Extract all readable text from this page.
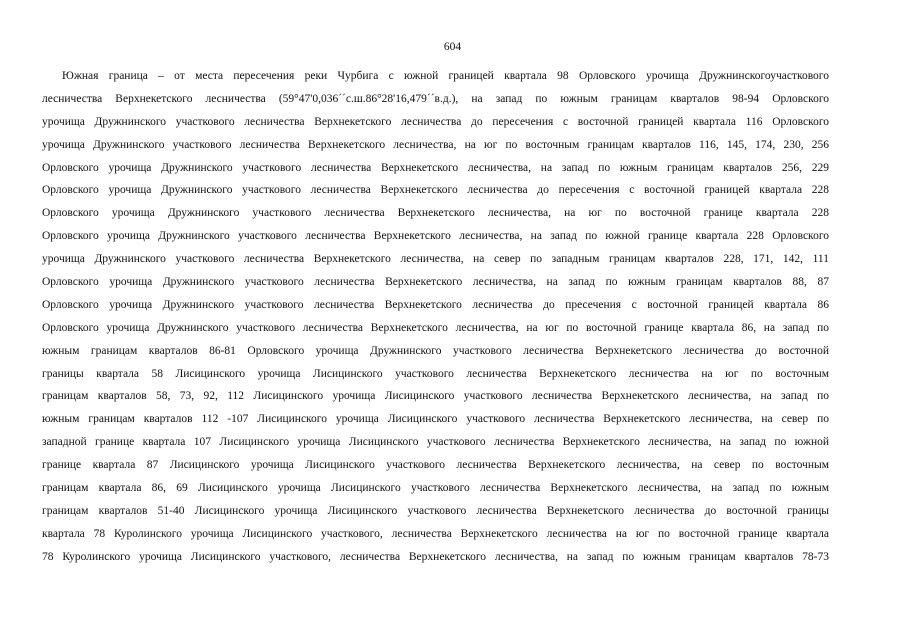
604
Южная граница – от места пересечения реки Чурбига с южной границей квартала 98 Орловского урочища Дружнинскогоучасткового
лесничества Верхнекетского лесничества (59°47'0,036´´с.ш.86°28'16,479´´в.д.), на запад по южным границам кварталов 98-94 Орловского
урочища Дружнинского участкового лесничества Верхнекетского лесничества до пересечения с восточной границей квартала 116 Орловского
урочища Дружнинского участкового лесничества Верхнекетского лесничества, на юг по восточным границам кварталов 116, 145, 174, 230, 256
Орловского урочища Дружнинского участкового лесничества Верхнекетского лесничества, на запад по южным границам кварталов 256, 229
Орловского урочища Дружнинского участкового лесничества Верхнекетского лесничества до пересечения с восточной границей квартала 228
Орловского урочища Дружнинского участкового лесничества Верхнекетского лесничества, на юг по восточной границе квартала 228
Орловского урочища Дружнинского участкового лесничества Верхнекетского лесничества, на запад по южной границе квартала 228 Орловского
урочища Дружнинского участкового лесничества Верхнекетского лесничества, на север по западным границам кварталов 228, 171, 142, 111
Орловского урочища Дружнинского участкового лесничества Верхнекетского лесничества, на запад по южным границам кварталов 88, 87
Орловского урочища Дружнинского участкового лесничества Верхнекетского лесничества до пресечения с восточной границей квартала 86
Орловского урочища Дружнинского участкового лесничества Верхнекетского лесничества, на юг по восточной границе квартала 86, на запад по
южным границам кварталов 86-81 Орловского урочища Дружнинского участкового лесничества Верхнекетского лесничества до восточной
границы квартала 58 Лисицинского урочища Лисицинского участкового лесничества Верхнекетского лесничества на юг по восточным
границам кварталов 58, 73, 92, 112 Лисицинского урочища Лисицинского участкового лесничества Верхнекетского лесничества, на запад по
южным границам кварталов 112 -107 Лисицинского урочища Лисицинского участкового лесничества Верхнекетского лесничества, на север по
западной границе квартала 107 Лисицинского урочища Лисицинского участкового лесничества Верхнекетского лесничества, на запад по южной
границе квартала 87 Лисицинского урочища Лисицинского участкового лесничества Верхнекетского лесничества, на север по восточным
границам квартала 86, 69 Лисицинского урочища Лисицинского участкового лесничества Верхнекетского лесничества, на запад по южным
границам кварталов 51-40 Лисицинского урочища Лисицинского участкового лесничества Верхнекетского лесничества до восточной границы
квартала 78 Куролинского урочища Лисицинского участкового, лесничества Верхнекетского лесничества на юг по восточной границе квартала
78 Куролинского урочища Лисицинского участкового, лесничества Верхнекетского лесничества, на запад по южным границам кварталов 78-73
